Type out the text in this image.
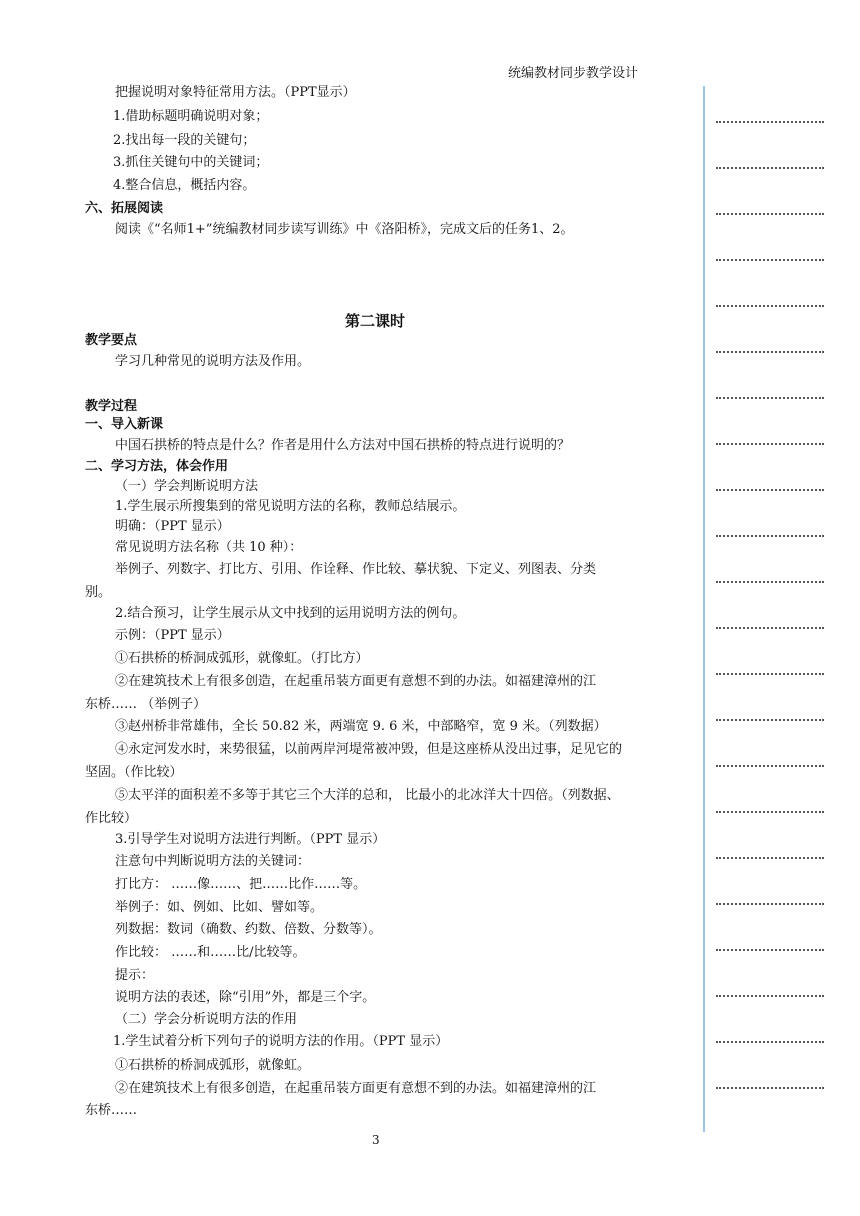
统编教材同步教学设计
把握说明对象特征常用方法。（PPT显示）
1.借助标题明确说明对象；
2.找出每一段的关键句；
3.抓住关键句中的关键词；
4.整合信息，概括内容。
六、拓展阅读
阅读《“名师1+”统编教材同步读写训练》中《洛阳桥》，完成文后的任务1、2。
第二课时
教学要点
学习几种常见的说明方法及作用。
教学过程
一、导入新课
中国石拱桥的特点是什么？作者是用什么方法对中国石拱桥的特点进行说明的？
二、学习方法，体会作用
（一）学会判断说明方法
1.学生展示所搜集到的常见说明方法的名称，教师总结展示。
明确：（PPT 显示）
常见说明方法名称（共 10 种）：
举例子、列数字、打比方、引用、作诠释、作比较、摹状貌、下定义、列图表、分类
别。
2.结合预习，让学生展示从文中找到的运用说明方法的例句。
示例：（PPT 显示）
①石拱桥的桥洞成弧形，就像虹。（打比方）
②在建筑技术上有很多创造，在起重吊装方面更有意想不到的办法。如福建漳州的江
东桥…… （举例子）
③赵州桥非常雄伟，全长 50.82 米，两端宽 9. 6 米，中部略窄，宽 9 米。（列数据）
④永定河发水时，来势很猛，以前两岸河堤常被冲毁，但是这座桥从没出过事，足见它的
坚固。（作比较）
⑤太平洋的面积差不多等于其它三个大洋的总和， 比最小的北冰洋大十四倍。（列数据、
作比较）
3.引导学生对说明方法进行判断。（PPT 显示）
注意句中判断说明方法的关键词：
打比方： ……像……、把……比作……等。
举例子：如、例如、比如、譬如等。
列数据：数词（确数、约数、倍数、分数等）。
作比较： ……和……比/比较等。
提示：
说明方法的表述，除“引用”外，都是三个字。
（二）学会分析说明方法的作用
1.学生试着分析下列句子的说明方法的作用。（PPT 显示）
①石拱桥的桥洞成弧形，就像虹。
②在建筑技术上有很多创造，在起重吊装方面更有意想不到的办法。如福建漳州的江
东桥……
3
